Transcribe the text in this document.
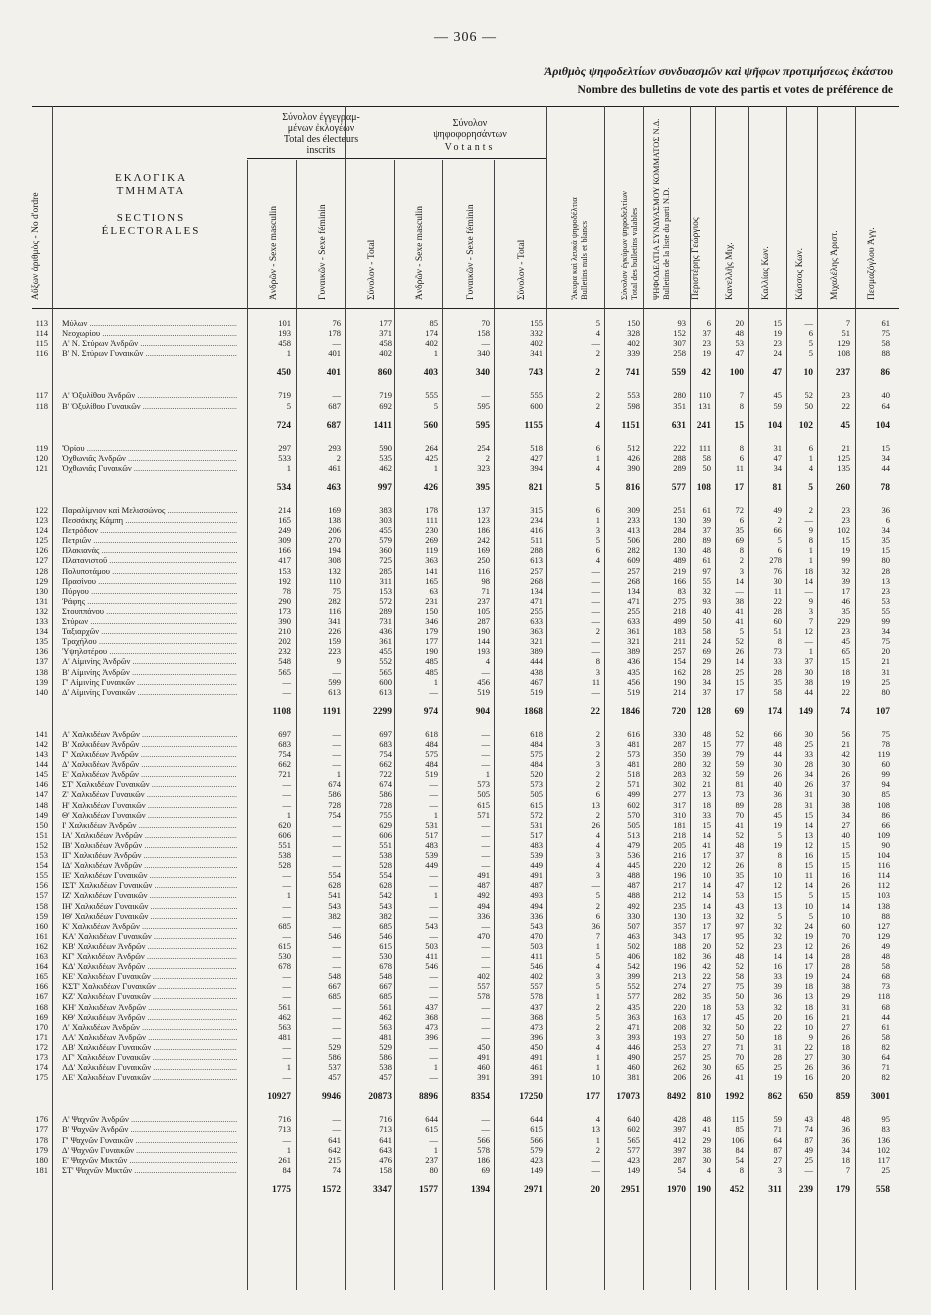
— 306 —
Ἀριθμὸς ψηφοδελτίων συνδυασμῶν καὶ ψῆφων προτιμήσεως ἑκάστου
Nombre des bulletins de vote des partis et votes de préférence de
ΕΚΛΟΓΙΚΑ
ΤΜΗΜΑΤΑ
SECTIONS
ÉLECTORALES
Σύνολον ἐγγεγραμ-
μένων ἐκλογέων
Total des électeurs
inscrits
Σύνολον
ψηφοφορησάντων
Votants
Αὔξων ἀριθμὸς - No d'ordre	Ἀνδρῶν - Sexe masculin	Γυναικῶν - Sexe féminin	Σύνολον - Total	Ἀνδρῶν - Sexe masculin	Γυναικῶν - Sexe féminin	Σύνολον - Total	Ἄκυρα καὶ λευκὰ ψηφοδέλτια
Bulletins nuls et blancs
Σύνολον ἐγκύρων ψηφοδελτίων
Total des bulletins valables
ΨΗΦΟΔΕΛΤΙΑ ΣΥΝΔΥΑΣΜΟΥ ΚΟΜΜΑΤΟΣ Ν.Δ.
Bulletins de la liste du parti N.D.
Περιστέρης Γεώργιος	Κανελλῆς Μιχ.	Καλλίας Κων.	Κάσσος Κων.	Μιχαλέλης Ἀριστ.	Πεσμαζόγλου Ἀγγ.
113 Μύλων .....	101	76	177	85	70	155	5	150	93	6	20	15	—	7	61
114 Νεοχωρίου .....	193	178	371	174	158	332	4	328	152	37	48	19	6	51	75
115 Α' Ν. Στύρων Ἀνδρῶν .....	458	—	458	402	—	402	—	402	307	23	53	23	5	129	58
116 Β' Ν. Στύρων Γυναικῶν .....	1	401	402	1	340	341	2	339	258	19	47	24	5	108	88
450	401	860	403	340	743	2	741	559	42	100	47	10	237	86
117 Α' Ὀξυλίθου Ἀνδρῶν .....	719	—	719	555	—	555	2	553	280	110	7	45	52	23	40
118 Β' Ὀξυλίθου Γυναικῶν .....	5	687	692	5	595	600	2	598	351	131	8	59	50	22	64
724	687	1411	560	595	1155	4	1151	631	241	15	104	102	45	104
119 Ὄρίου .....	297	293	590	264	254	518	6	512	222	111	8	31	6	21	15
120 Ὀχθωνιᾶς Ἀνδρῶν .....	533	2	535	425	2	427	1	426	288	58	6	47	1	125	34
121 Ὀχθωνιᾶς Γυναικῶν .....	1	461	462	1	323	394	4	390	289	50	11	34	4	135	44
534	463	997	426	395	821	5	816	577	108	17	81	5	260	78
122 Παραλίμνιον καὶ Μελισσώνος .....	214	169	383	178	137	315	6	309	251	61	72	49	2	23	36
123 Πεσσάκης Κάμπη .....	165	138	303	111	123	234	1	233	130	39	6	2	—	23	6
124 Πετρόδιον .....	249	206	455	230	186	416	3	413	284	37	35	66	9	102	34
125 Πετριῶν .....	309	270	579	269	242	511	5	506	280	89	69	5	8	15	35
126 Πλακιανάς .....	166	194	360	119	169	288	6	282	130	48	8	6	1	19	15
127 Πλατανιστοῦ .....	417	308	725	363	250	613	4	609	489	61	2	278	1	99	80
128 Πολυποτάμου .....	153	132	285	141	116	257	—	257	219	97	3	76	18	32	28
129 Πρασίνου .....	192	110	311	165	98	268	—	268	166	55	14	30	14	39	13
130 Πύργου .....	78	75	153	63	71	134	—	134	83	32	—	11	—	17	23
131 Ῥάφης .....	290	282	572	231	237	471	—	471	275	93	38	22	9	46	53
132 Στουππάνου .....	173	116	289	150	105	255	—	255	218	40	41	28	3	35	55
133 Στύρων .....	390	341	731	346	287	633	—	633	499	50	41	60	7	229	99
134 Ταξιαρχῶν .....	210	226	436	179	190	363	2	361	183	58	5	51	12	23	34
135 Τραχήλου .....	202	159	361	177	144	321	—	321	211	24	52	8	—	45	75
136 Ὑψηλοτέρου .....	232	223	455	190	193	389	—	389	257	69	26	73	1	65	20
137 Α' Αἰμινίης Ἀνδρῶν .....	548	9	552	485	4	444	8	436	154	29	14	33	37	15	21
138 Β' Αἰμινίης Ἀνδρῶν .....	565	—	565	485	—	438	3	435	162	28	25	28	30	18	31
139 Γ' Αἰμινίης Γυναικῶν .....	—	599	600	1	456	467	11	456	190	34	15	35	38	19	25
140 Δ' Αἰμινίης Γυναικῶν .....	—	613	613	—	519	519	—	519	214	37	17	58	44	22	80
1108	1191	2299	974	904	1868	22	1846	720	128	69	174	149	74	107
141 Α' Χαλκιδέων Ἀνδρῶν .....	697	—	697	618	—	618	2	616	330	48	52	66	30	56	75
142 Β' Χαλκιδέων Ἀνδρῶν .....	683	—	683	484	—	484	3	481	287	15	77	48	25	21	78
143 Γ' Χαλκιδέων Ἀνδρῶν .....	754	—	754	575	—	575	2	573	350	39	79	44	33	42	119
144 Δ' Χαλκιδέων Ἀνδρῶν .....	662	—	662	484	—	484	3	481	280	32	59	30	28	30	60
145 Ε' Χαλκιδέων Ἀνδρῶν .....	721	1	722	519	1	520	2	518	283	32	59	26	34	26	99
146 ΣΤ' Χαλκιδέων Γυναικῶν .....	—	674	674	—	573	573	2	571	302	21	81	40	26	37	94
147 Ζ' Χαλκιδέων Γυναικῶν .....	—	586	586	—	505	505	6	499	277	13	73	36	31	30	85
148 Η' Χαλκιδέων Γυναικῶν .....	—	728	728	—	615	615	13	602	317	18	89	28	31	38	108
149 Θ' Χαλκιδέων Γυναικῶν .....	1	754	755	1	571	572	2	570	310	33	70	45	15	34	86
150 Ι' Χαλκιδέων Ἀνδρῶν .....	620	—	629	531	—	531	26	505	181	15	41	19	14	27	66
151 ΙΑ' Χαλκιδέων Ἀνδρῶν .....	606	—	606	517	—	517	4	513	218	14	52	5	13	40	109
152 ΙΒ' Χαλκιδέων Ἀνδρῶν .....	551	—	551	483	—	483	4	479	205	41	48	19	12	15	90
153 ΙΓ' Χαλκιδέων Ἀνδρῶν .....	538	—	538	539	—	539	3	536	216	17	37	8	16	15	104
154 ΙΔ' Χαλκιδέων Ἀνδρῶν .....	528	—	528	449	—	449	4	445	220	12	26	8	15	15	116
155 ΙΕ' Χαλκιδέων Γυναικῶν .....	—	554	554	—	491	491	3	488	196	10	35	10	11	16	114
156 ΙΣΤ' Χαλκιδέων Γυναικῶν .....	—	628	628	—	487	487	—	487	217	14	47	12	14	26	112
157 ΙΖ' Χαλκιδέων Γυναικῶν .....	1	541	542	1	492	493	5	488	212	14	53	15	5	15	103
158 ΙΗ' Χαλκιδέων Γυναικῶν .....	—	543	543	—	494	494	2	492	235	14	43	13	10	14	138
159 ΙΘ' Χαλκιδέων Γυναικῶν .....	—	382	382	—	336	336	6	330	130	13	32	5	5	10	88
160 Κ' Χαλκιδέων Ἀνδρῶν .....	685	—	685	543	—	543	36	507	357	17	97	32	24	60	127
161 ΚΑ' Χαλκιδέων Γυναικῶν .....	—	546	546	—	470	470	7	463	343	17	95	32	19	70	129
162 ΚΒ' Χαλκιδέων Ἀνδρῶν .....	615	—	615	503	—	503	1	502	188	20	52	23	12	26	49
163 ΚΓ' Χαλκιδέων Ἀνδρῶν .....	530	—	530	411	—	411	5	406	182	36	48	14	14	28	48
164 ΚΔ' Χαλκιδέων Ἀνδρῶν .....	678	—	678	546	—	546	4	542	196	42	52	16	17	28	58
165 ΚΕ' Χαλκιδέων Γυναικῶν .....	—	548	548	—	402	402	3	399	213	22	58	33	19	24	68
166 ΚΣΤ' Χαλκιδέων Γυναικῶν .....	—	667	667	—	557	557	5	552	274	27	75	39	18	38	73
167 ΚΖ' Χαλκιδέων Γυναικῶν .....	—	685	685	—	578	578	1	577	282	35	50	36	13	29	118
168 ΚΗ' Χαλκιδέων Ἀνδρῶν .....	561	—	561	437	—	437	2	435	220	18	53	32	18	31	68
169 ΚΘ' Χαλκιδέων Ἀνδρῶν .....	462	—	462	368	—	368	5	363	163	17	45	20	16	21	44
170 Λ' Χαλκιδέων Ἀνδρῶν .....	563	—	563	473	—	473	2	471	208	32	50	22	10	27	61
171 ΛΑ' Χαλκιδέων Ἀνδρῶν .....	481	—	481	396	—	396	3	393	193	27	50	18	9	26	58
172 ΛΒ' Χαλκιδέων Γυναικῶν .....	—	529	529	—	450	450	4	446	253	27	71	31	22	18	82
173 ΛΓ' Χαλκιδέων Γυναικῶν .....	—	586	586	—	491	491	1	490	257	25	70	28	27	30	64
174 ΛΔ' Χαλκιδέων Γυναικῶν .....	1	537	538	1	460	461	1	460	262	30	65	25	26	36	71
175 ΛΕ' Χαλκιδέων Γυναικῶν .....	—	457	457	—	391	391	10	381	206	26	41	19	16	20	82
10927	9946	20873	8896	8354	17250	177	17073	8492	810	1992	862	650	859	3001
176 Α' Ψαχνῶν Ἀνδρῶν .....	716	—	716	644	—	644	4	640	428	48	115	59	43	48	95
177 Β' Ψαχνῶν Ἀνδρῶν .....	713	—	713	615	—	615	13	602	397	41	85	71	74	36	83
178 Γ' Ψαχνῶν Γυναικῶν .....	—	641	641	—	566	566	1	565	412	29	106	64	87	36	136
179 Δ' Ψαχνῶν Γυναικῶν .....	1	642	643	1	578	579	2	577	397	38	84	87	49	34	102
180 Ε' Ψαχνῶν Μικτῶν .....	261	215	476	237	186	423	—	423	287	30	54	27	25	18	117
181 ΣΤ' Ψαχνῶν Μικτῶν .....	84	74	158	80	69	149	—	149	54	4	8	3	—	7	25
1775	1572	3347	1577	1394	2971	20	2951	1970	190	452	311	239	179	558
